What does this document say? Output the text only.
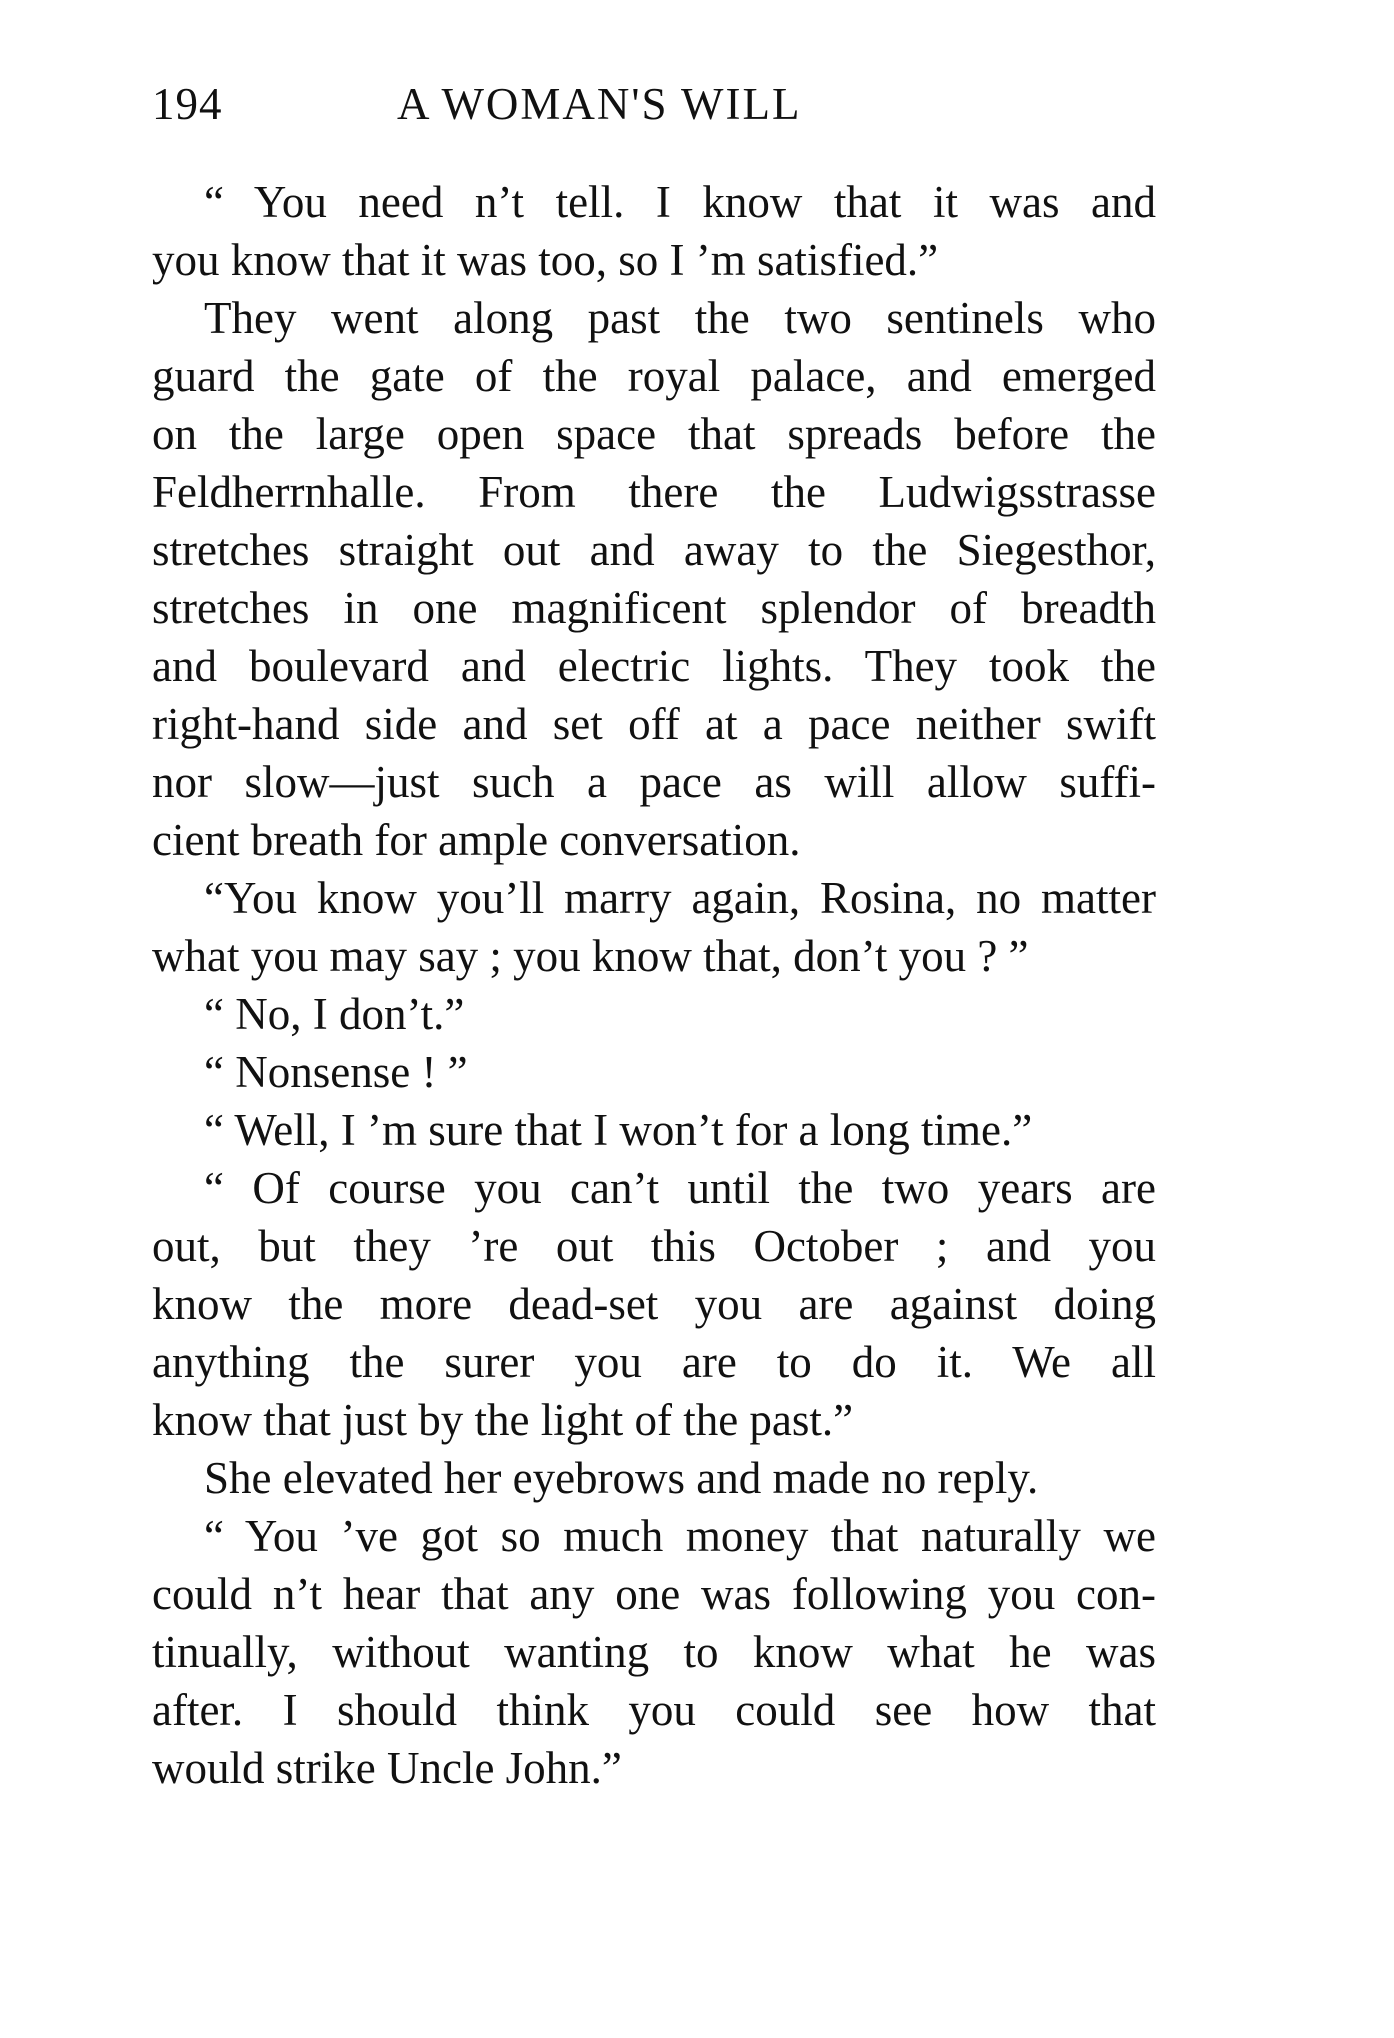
194	A WOMAN'S WILL
“ You need n’t tell. I know that it was and
you know that it was too, so I ’m satisfied.”
They went along past the two sentinels who
guard the gate of the royal palace, and emerged
on the large open space that spreads before the
Feldherrnhalle. From there the Ludwigsstrasse
stretches straight out and away to the Siegesthor,
stretches in one magnificent splendor of breadth
and boulevard and electric lights. They took the
right-hand side and set off at a pace neither swift
nor slow—just such a pace as will allow suffi-
cient breath for ample conversation.
“You know you’ll marry again, Rosina, no matter
what you may say ; you know that, don’t you ? ”
“ No, I don’t.”
“ Nonsense ! ”
“ Well, I ’m sure that I won’t for a long time.”
“ Of course you can’t until the two years are
out, but they ’re out this October ; and you
know the more dead-set you are against doing
anything the surer you are to do it. We all
know that just by the light of the past.”
She elevated her eyebrows and made no reply.
“ You ’ve got so much money that naturally we
could n’t hear that any one was following you con-
tinually, without wanting to know what he was
after. I should think you could see how that
would strike Uncle John.”
